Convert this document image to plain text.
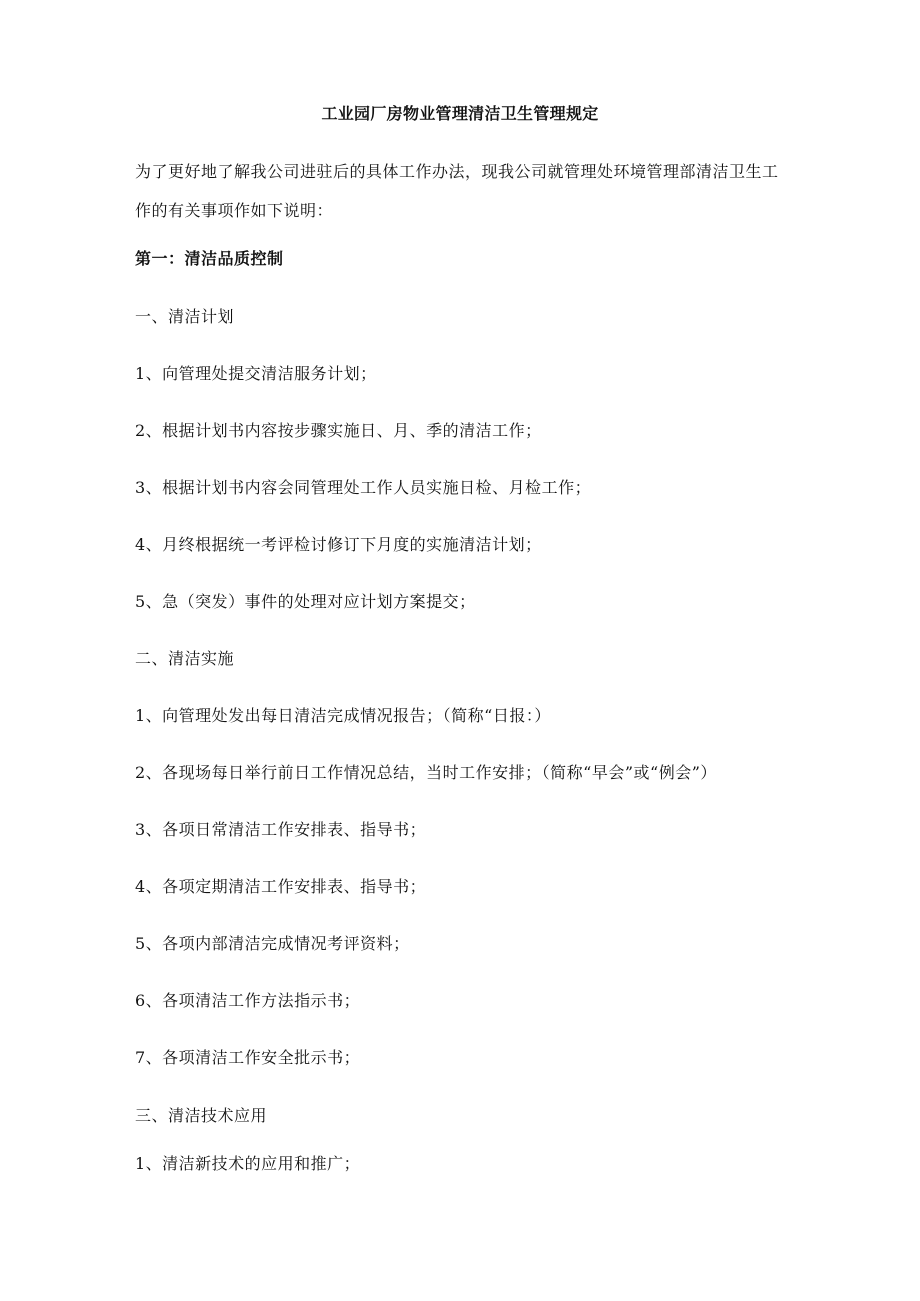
工业园厂房物业管理清洁卫生管理规定
为了更好地了解我公司进驻后的具体工作办法，现我公司就管理处环境管理部清洁卫生工作的有关事项作如下说明：
第一：清洁品质控制
一、清洁计划
1、向管理处提交清洁服务计划；
2、根据计划书内容按步骤实施日、月、季的清洁工作；
3、根据计划书内容会同管理处工作人员实施日检、月检工作；
4、月终根据统一考评检讨修订下月度的实施清洁计划；
5、急（突发）事件的处理对应计划方案提交；
二、清洁实施
1、向管理处发出每日清洁完成情况报告；（简称“日报：）
2、各现场每日举行前日工作情况总结，当时工作安排；（简称“早会”或“例会”）
3、各项日常清洁工作安排表、指导书；
4、各项定期清洁工作安排表、指导书；
5、各项内部清洁完成情况考评资料；
6、各项清洁工作方法指示书；
7、各项清洁工作安全批示书；
三、清洁技术应用
1、清洁新技术的应用和推广；
